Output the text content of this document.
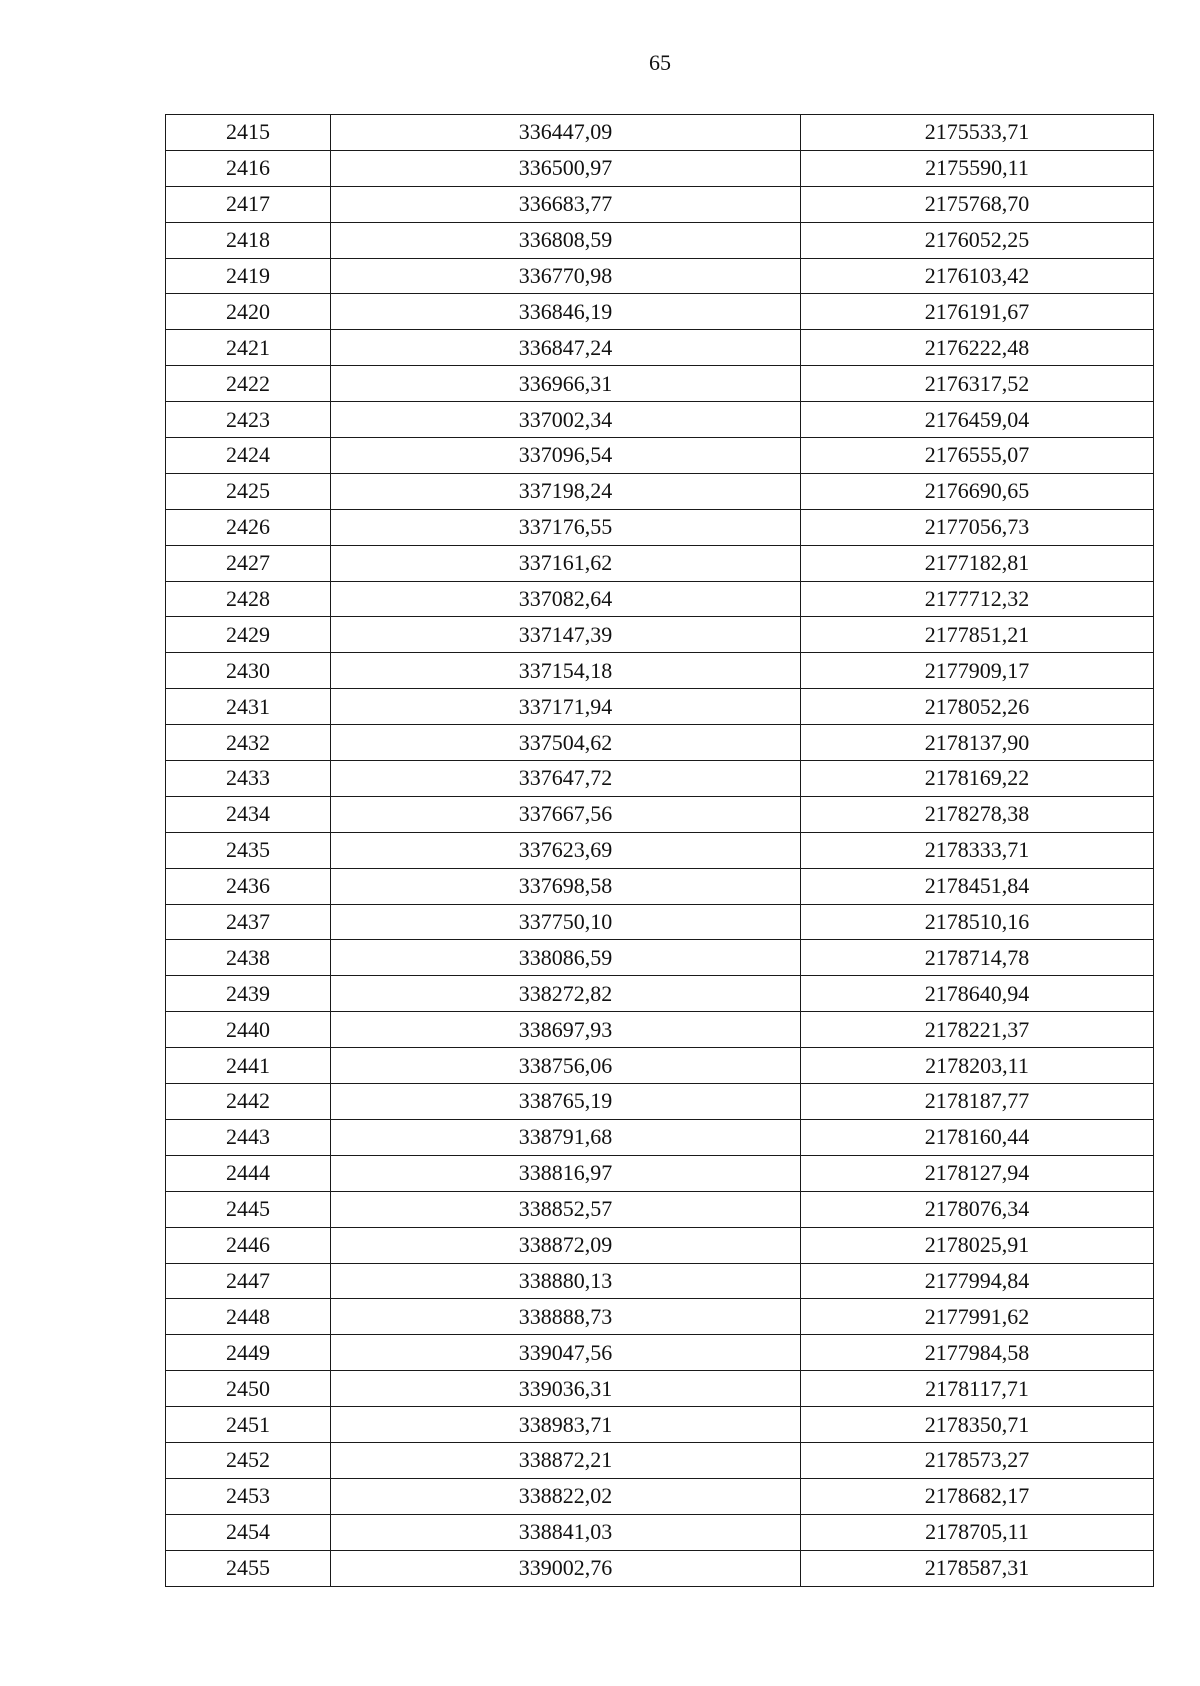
65
2415	336447,09	2175533,71
2416	336500,97	2175590,11
2417	336683,77	2175768,70
2418	336808,59	2176052,25
2419	336770,98	2176103,42
2420	336846,19	2176191,67
2421	336847,24	2176222,48
2422	336966,31	2176317,52
2423	337002,34	2176459,04
2424	337096,54	2176555,07
2425	337198,24	2176690,65
2426	337176,55	2177056,73
2427	337161,62	2177182,81
2428	337082,64	2177712,32
2429	337147,39	2177851,21
2430	337154,18	2177909,17
2431	337171,94	2178052,26
2432	337504,62	2178137,90
2433	337647,72	2178169,22
2434	337667,56	2178278,38
2435	337623,69	2178333,71
2436	337698,58	2178451,84
2437	337750,10	2178510,16
2438	338086,59	2178714,78
2439	338272,82	2178640,94
2440	338697,93	2178221,37
2441	338756,06	2178203,11
2442	338765,19	2178187,77
2443	338791,68	2178160,44
2444	338816,97	2178127,94
2445	338852,57	2178076,34
2446	338872,09	2178025,91
2447	338880,13	2177994,84
2448	338888,73	2177991,62
2449	339047,56	2177984,58
2450	339036,31	2178117,71
2451	338983,71	2178350,71
2452	338872,21	2178573,27
2453	338822,02	2178682,17
2454	338841,03	2178705,11
2455	339002,76	2178587,31
